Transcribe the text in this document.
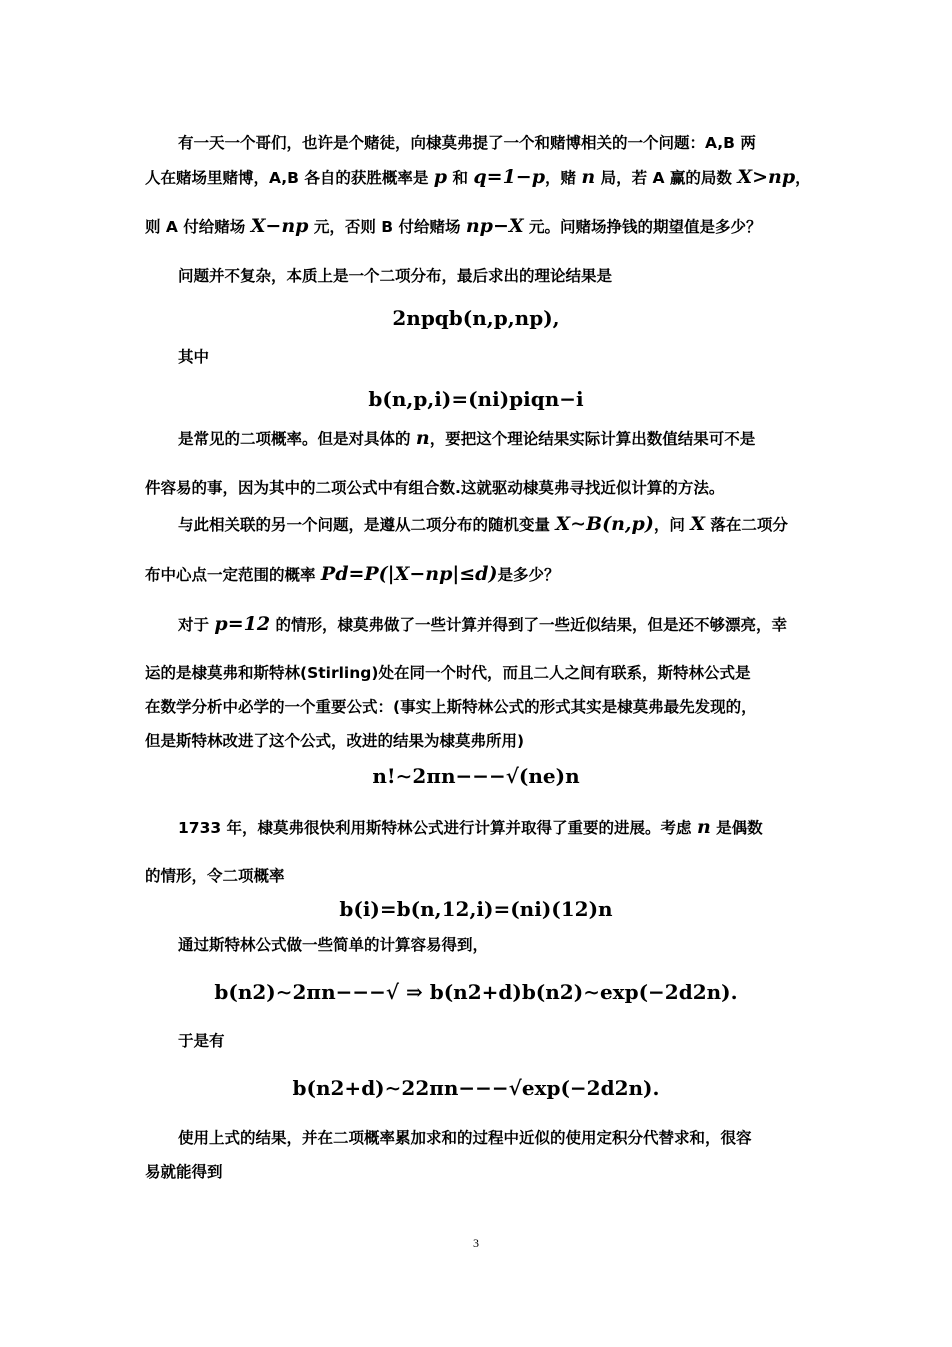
有一天一个哥们，也许是个赌徒，向棣莫弗提了一个和赌博相关的一个问题：A,B 两
人在赌场里赌博，A,B 各自的获胜概率是 p 和 q=1−p，赌 n 局，若 A 赢的局数 X>np，
则 A 付给赌场 X−np 元，否则 B 付给赌场 np−X 元。问赌场挣钱的期望值是多少？
问题并不复杂，本质上是一个二项分布，最后求出的理论结果是
2npqb(n,p,np),
其中
b(n,p,i)=(ni)piqn−i
是常见的二项概率。但是对具体的 n，要把这个理论结果实际计算出数值结果可不是
件容易的事，因为其中的二项公式中有组合数.这就驱动棣莫弗寻找近似计算的方法。
与此相关联的另一个问题，是遵从二项分布的随机变量 X∼B(n,p)，问 X 落在二项分
布中心点一定范围的概率 Pd=P(|X−np|≤d)是多少？
对于 p=12 的情形，棣莫弗做了一些计算并得到了一些近似结果，但是还不够漂亮，幸
运的是棣莫弗和斯特林(Stirling)处在同一个时代，而且二人之间有联系，斯特林公式是
在数学分析中必学的一个重要公式：(事实上斯特林公式的形式其实是棣莫弗最先发现的，
但是斯特林改进了这个公式，改进的结果为棣莫弗所用)
n!∼2πn−−−√(ne)n
1733 年，棣莫弗很快利用斯特林公式进行计算并取得了重要的进展。考虑 n 是偶数
的情形，令二项概率
b(i)=b(n,12,i)=(ni)(12)n
通过斯特林公式做一些简单的计算容易得到，
b(n2)∼2πn−−−√ ⇒ b(n2+d)b(n2)∼exp(−2d2n).
于是有
b(n2+d)∼22πn−−−√exp(−2d2n).
使用上式的结果，并在二项概率累加求和的过程中近似的使用定积分代替求和，很容
易就能得到
3
